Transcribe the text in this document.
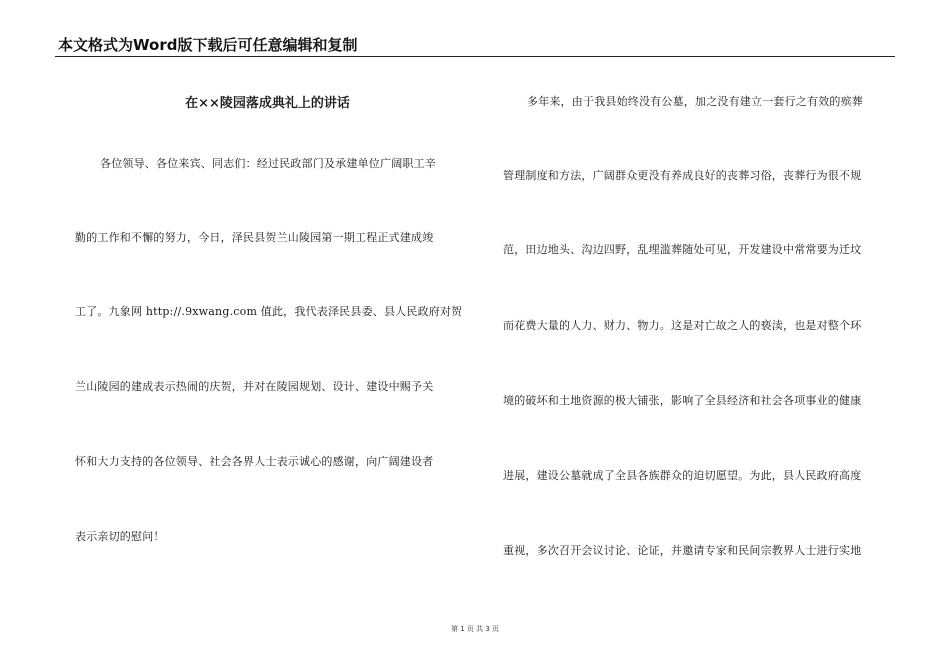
本文格式为Word版下载后可任意编辑和复制
在××陵园落成典礼上的讲话
各位领导、各位来宾、同志们：经过民政部门及承建单位广阔职工辛
勤的工作和不懈的努力，今日，泽民县贺兰山陵园第一期工程正式建成竣
工了。九象网 http://.9xwang.com 值此，我代表泽民县委、县人民政府对贺
兰山陵园的建成表示热闹的庆贺，并对在陵园规划、设计、建设中赐予关
怀和大力支持的各位领导、社会各界人士表示诚心的感谢，向广阔建设者
表示亲切的慰问！
多年来，由于我县始终没有公墓，加之没有建立一套行之有效的殡葬
管理制度和方法，广阔群众更没有养成良好的丧葬习俗，丧葬行为很不规
范，田边地头、沟边四野，乱埋滥葬随处可见，开发建设中常常要为迁坟
而花费大量的人力、财力、物力。这是对亡故之人的亵渎，也是对整个环
境的破坏和土地资源的极大铺张，影响了全县经济和社会各项事业的健康
进展，建设公墓就成了全县各族群众的迫切愿望。为此，县人民政府高度
重视，多次召开会议讨论、论证，并邀请专家和民间宗教界人士进行实地
第 1 页 共 3 页
